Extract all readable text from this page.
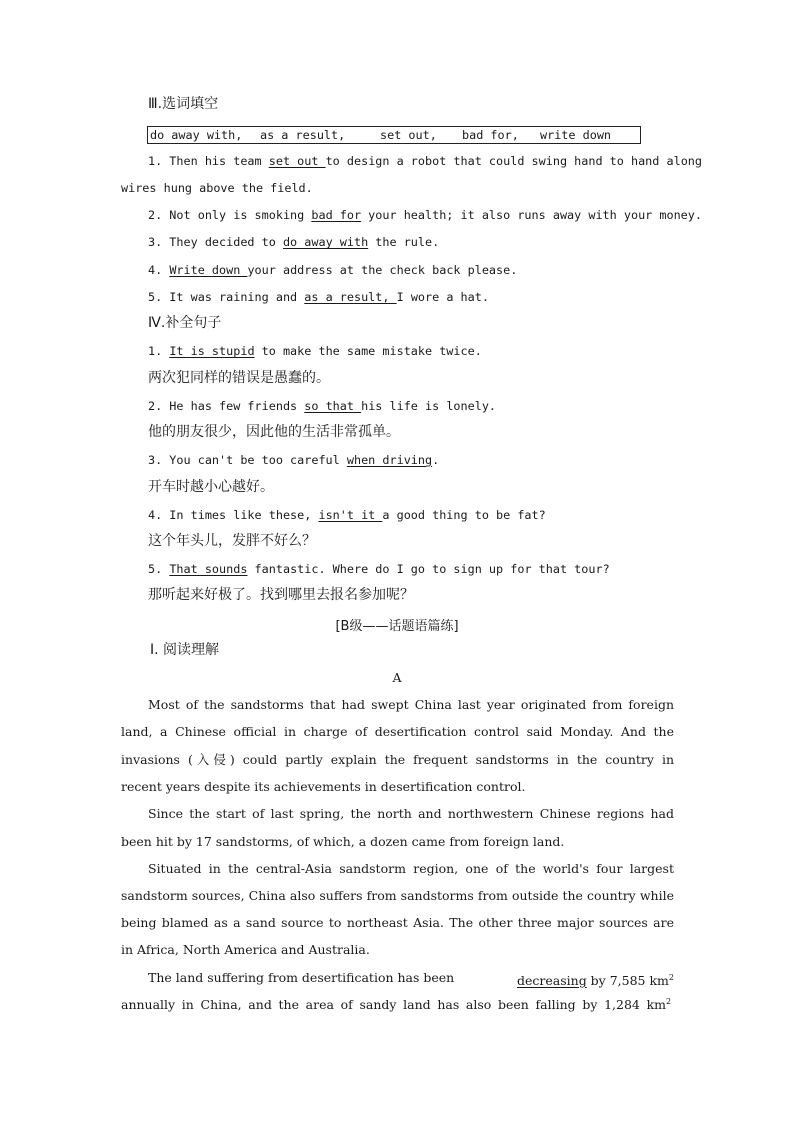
Ⅲ.选词填空
do away with, as a result,	set out, bad for, write down
1. Then his team set out to design a robot that could swing hand to hand along
wires hung above the field.
2. Not only is smoking bad for your health; it also runs away with your money.
3. They decided to do away with the rule.
4. Write down your address at the check back please.
5. It was raining and as a result, I wore a hat.
Ⅳ.补全句子
1. It is stupid to make the same mistake twice.
两次犯同样的错误是愚蠢的。
2. He has few friends so that his life is lonely.
他的朋友很少，因此他的生活非常孤单。
3. You can't be too careful when driving.
开车时越小心越好。
4. In times like these, isn't it a good thing to be fat?
这个年头儿，发胖不好么？
5. That sounds fantastic. Where do I go to sign up for that tour?
那听起来好极了。找到哪里去报名参加呢？
[B级——话题语篇练]
Ⅰ. 阅读理解
A
Most of the sandstorms that had swept China last year originated from foreign
land, a Chinese official in charge of desertification control said Monday. And the
invasions (入侵) could partly explain the frequent sandstorms in the country in
recent years despite its achievements in desertification control.
Since the start of last spring, the north and northwestern Chinese regions had
been hit by 17 sandstorms, of which, a dozen came from foreign land.
Situated in the central-Asia sandstorm region, one of the world's four largest
sandstorm sources, China also suffers from sandstorms from outside the country while
being blamed as a sand source to northeast Asia. The other three major sources are
in Africa, North America and Australia.
The land suffering from desertification has been	decreasing by 7,585 $km^2$
annually in China, and the area of sandy land has also been falling by 1,284 km $^2$
